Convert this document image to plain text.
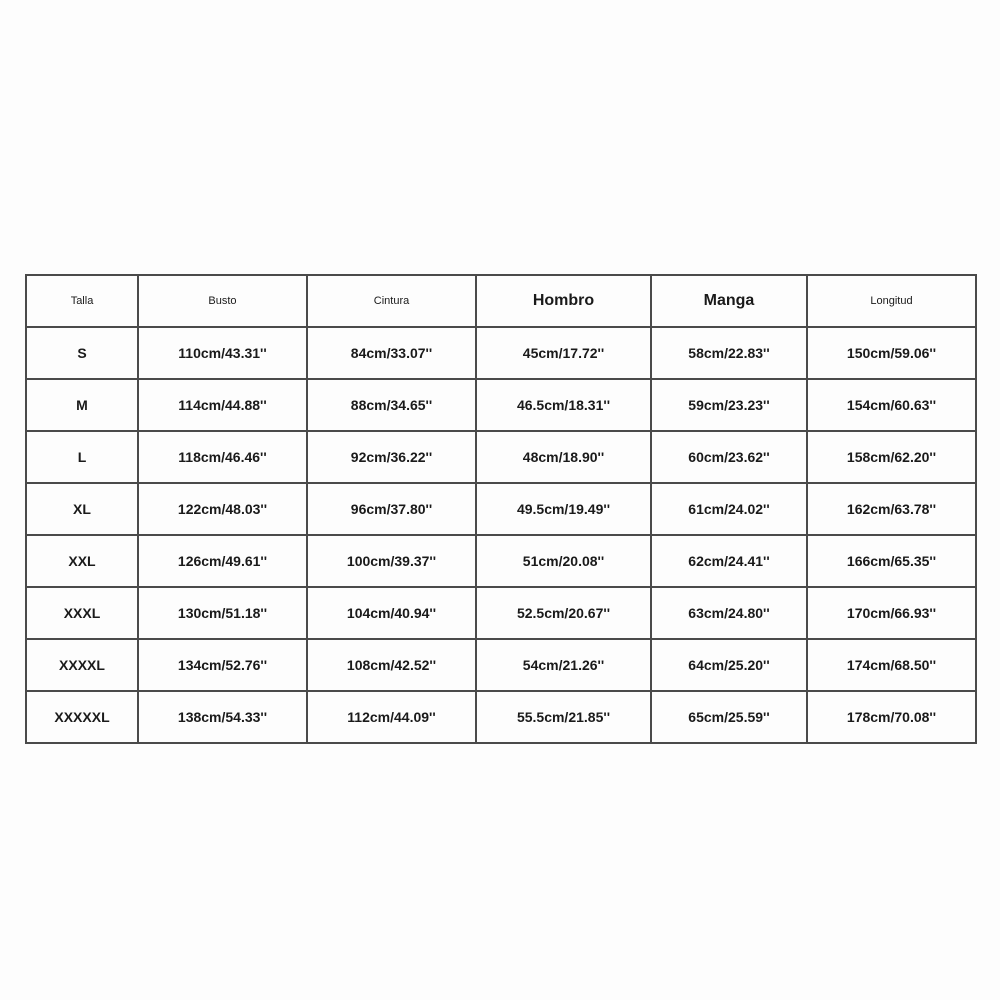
Talla	Busto	Cintura	Hombro	Manga	Longitud
S	110cm/43.31''	84cm/33.07''	45cm/17.72''	58cm/22.83''	150cm/59.06''
M	114cm/44.88''	88cm/34.65''	46.5cm/18.31''	59cm/23.23''	154cm/60.63''
L	118cm/46.46''	92cm/36.22''	48cm/18.90''	60cm/23.62''	158cm/62.20''
XL	122cm/48.03''	96cm/37.80''	49.5cm/19.49''	61cm/24.02''	162cm/63.78''
XXL	126cm/49.61''	100cm/39.37''	51cm/20.08''	62cm/24.41''	166cm/65.35''
XXXL	130cm/51.18''	104cm/40.94''	52.5cm/20.67''	63cm/24.80''	170cm/66.93''
XXXXL	134cm/52.76''	108cm/42.52''	54cm/21.26''	64cm/25.20''	174cm/68.50''
XXXXXL	138cm/54.33''	112cm/44.09''	55.5cm/21.85''	65cm/25.59''	178cm/70.08''
